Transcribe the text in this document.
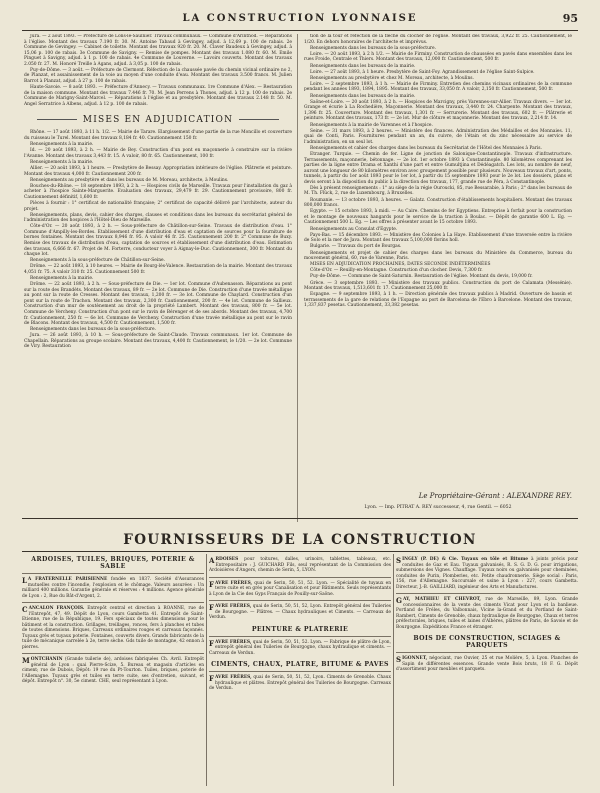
LA CONSTRUCTION LYONNAISE	95

Jura. — 2 août 1893. — Préfecture de Lons-le-Saulnier. Travaux communaux. — Commune d'Arinthod. — Réparations à l'église. Montant des travaux 7.190 fr. 30. M. Antoine Tabaud à Gevingey, adjud. à 12,69 p. 100 de rabais. 2e Commune de Gevingey. — Cabinet de toilette. Montant des travaux 920 fr. 20. M. Claver Baudeux à Gevingey, adjud. à 15,06 p. 100 de rabais. 3e Commune de Savigny. — Remise de pompes. Montant des travaux 1.080 fr. 60. M. Emile Pinguet à Savigny, adjud. à 1 p. 100 de rabais. 4e Commune de Louverne. — Lavoirs couverts. Montant des travaux 2.050 fr. 27. M. Honoré Treille à Agans, adjud. à 3,05 p. 100 de rabais.

Puy-de-Dôme. — 3 août. — Préfecture de Clermont. Réfection de la chaussée pavée du chemin vicinal ordinaire no 2, de Planzat, et assainissement de la voie au moyen d'une conduite d'eau. Montant des travaux 3.500 francs. M. Julien Barrot à Planzat, adjud. à 27 p. 100 de rabais.

Haute-Savoie. — 8 août 1893. — Préfecture d'Annecy. — Travaux communaux. 1re Commune d'Alex. — Restauration de la maison commune. Montant des travaux 7.446 fr. 70. M. Jean Perrens à Thones, adjud. à 12 p. 100 de rabais. 2e Commune de Marigny-Saint-Marcel. — Réparations à l'église et au presbytère. Montant des travaux 2.148 fr. 50. M. Angel Serratrice à Albens, adjud. à 12 p. 100 de rabais.

MISES EN ADJUDICATION

Rhône. — 17 août 1893, à 11 h. 1/2. — Mairie de Tarare. Elargissement d'une partie de la rue Moncillo et couverture du ruisseau le Turel. Montant des travaux 8,184 fr. 40. Cautionnement 150 fr.

Renseignements à la mairie.

Id. — 20 août 1893, à 2 h. — Mairie de Bey. Construction d'un pont en maçonnerie à construire sur la rivière l'Avanne. Montant des travaux 3,443 fr. 15. A valoir, 80 fr. 65. Cautionnement, 100 fr.

Renseignements à la mairie.

Allier. — 20 août 1893, à 1 heure. — Presbytère de Bessay. Appropriation intérieure de l'église. Plâtrerie et peinture. Montant des travaux 4,000 fr. Cautionnement 200 fr.

Renseignements au presbytère et dans les bureaux de M. Moreau, architecte, à Moulins.

Bouches-du-Rhône. — 18 septembre 1893, à 2 h. — Hospices civils de Marseille. Travaux pour l'installation du gaz à acheter à l'hospice Sainte-Marguerite. Evaluation des travaux, 29,479 fr. 29. Cautionnement provisoire, 800 fr. Cautionnement définitif, 1,600 fr.

Pièces à fournir : 1° certificat de nationalité française; 2° certificat de capacité délivré par l'architecte, auteur du projet.

Renseignements, plans, devis, cahier des charges, clauses et conditions dans les bureaux du secrétariat général de l'administration des hospices à l'Hôtel-Dieu de Marseille.

Côte-d'Or. — 20 août 1893, à 2 h. — Sous-préfecture de Châtillon-sur-Seine. Travaux de distribution d'eau. 1° Commune d'Ampilly-les-Bordes. Etablissement d'une distribution d'eau et captation de sources pour la fourniture de bornes fontaines. Montant des travaux 8,946 fr. 95. A valoir 46 fr. 25. Cautionnement 200 fr. 2° Commune de Buxy. Remise des travaux de distribution d'eau, captation de sources et établissement d'une distribution d'eau. Estimation des travaux, 6,666 fr. 67. Projet de M. Forterre, conducteur voyer à Aignay-le-Duc. Cautionnement, 300 fr. Montant du chaque lot.

Renseignements à la sous-préfecture de Châtillon-sur-Seine.

Drôme. — 22 août 1893, à 10 heures. — Mairie de Bourg-lès-Valence. Restauration de la mairie. Montant des travaux 4,051 fr. 75. A valoir 310 fr. 25. Cautionnement 500 fr.

Renseignements à la mairie.

Drôme. — 22 août 1893, à 2 h. — Sous-préfecture de Die. — 1er lot. Commune d'Aubenasson. Réparations au pont sur la route des Brandèts. Montant des travaux, 89 fr. — 2e lot. Commune de Die. Construction d'une travée métallique au pont sur la route de Cresses. Montant des travaux, 1,200 fr. — 3e lot. Commune de Chaylard. Construction d'un pont sur la route de Trachon. Montant des travaux, 2,300 fr. Cautionnement, 200 fr. — 4e lot. Commune de Sallieux. Construction d'un mur de soutènement au droit de la propriété Lambert. Montant des travaux, 800 fr. — 5e lot. Commune de Vercheny. Construction d'un pont sur le ravin de Bérenger et de ses abords. Montant des travaux, 4,700 fr. Cautionnement, 250 fr. — 6e lot. Commune de Vercheny. Construction d'une travée métallique au pont sur le ravin de Blacons. Montant des travaux, 4,500 fr. Cautionnement, 1,500 fr.

Renseignements dans les bureaux de la sous-préfecture.

Jura. — 26 août 1893, à 10 h. — Sous-préfecture de Saint-Claude. Travaux communaux. 1er lot. Commune de Chapellain. Réparations au groupe scolaire. Montant des travaux, 4,400 fr. Cautionnement, le 1/20. — 2e lot. Commune de Viry. Restauration

tion de la tour et réfection de la flèche du clocher de l'église. Montant des travaux, 3,922 fr. 25. Cautionnement, le 1/20. En dehors honoraires de l'architecte et imprévus.

Renseignements dans les bureaux de la sous-préfecture.

Loire. — 20 août 1893, à 2 h 1/2. — Mairie de Firminy. Construction de chaussées en pavés dans ensembles dans les rues Froide, Centrale et Thiers. Montant des travaux, 12,000 fr. Cautionnement, 500 fr.

Renseignements dans les bureaux de la mairie.

Loire. — 27 août 1893, à 1 heure. Presbytère de Saint-Foy. Agrandissement de l'église Saint-Sulpice.

Renseignements au presbytère et chez M. Moreau, architecte, à Moulins.

Loire. — 2 septembre 1893, à 1 h. — Mairie de Firminy. Entretien des chemins vicinaux ordinaires de la commune pendant les années 1893, 1894, 1895. Montant des travaux, 33,050 fr. A valoir, 2,150 fr. Cautionnement, 500 fr.

Renseignements dans les bureaux de la mairie.

Saône-et-Loire. — 20 août 1893, à 2 h. — Hospices de Marcigny, près Varennes-sur-Allier. Travaux divers. — 1er lot. Grange et écurie à La Rochedière, Maçonnerie. Montant des travaux, 3,440 fr. 24. Charpente. Montant des travaux, 1,396 fr. 25. Couverture. Montant des travaux, 1,301 fr. — Serrurerie. Montant des travaux, 602 fr. — Plâtrerie et peinture. Montant des travaux, 173 fr. — 2e lot. Mur de clôture et maçonnerie. Montant des travaux, 2,214 fr. 14.

Renseignements à la mairie de Varennes et à l'hospice.

Seine. — 31 mars 1893, à 2 heures. — Ministère des finances. Administration des Médailles et des Monnaies. 11, quai de Conti, Paris. Fournitures pendant un an, du cuivre, de l'étain et du zinc nécessaire au service de l'administration, en un seul lot.

Renseignements et cahier des charges dans les bureaux du Secrétariat de l'Hôtel des Monnaies à Paris.

Etranger. Turquie. — Chemin de fer. Ligne de jonction de Salonique-Constantinople. Travaux d'infrastructure. Terrassements, maçonnerie, bétonnage. — 2e lot. 1er octobre 1893 à Constantinople. 80 kilomètres comprenant les parties de la ligne entre Drama et Xanthi d'une part et entre Gumultjina et Dédéagatch. Les lots, au nombre de neuf, auront une longueur de 80 kilomètres environ avec groupement possible pour plusieurs. Nouveaux travaux d'art, ponts, tunnels, à partir du 1er août 1893 pour le 1er lot, à partir du 15 septembre 1893 pour le 2e lot. Les dossiers, plans et devis seront à la disposition du public à la direction des travaux, 177, grande rue de Péra, à Constantinople.

Dès à présent renseignements : 1° au siège de la régie Ouroucki, 85, rue Bessarabie, à Paris ; 2° dans les bureaux de M. Th. Flück, 2, rue de Luxembourg, à Bruxelles.

Roumanie. — 13 octobre 1893, à heures. — Galatz. Construction d'établissements hospitaliers. Montant des travaux 800,000 francs.

Egypte. — 15 octobre 1893, à midi. — Au Caire. Chemins de fer Egyptiens. Entreprise à forfait pour la construction et le montage de nouveaux hangards pour le service de la traction à Boulac. — Dépôt de garantie 600 L. Eg. — Cautionnement 500 L. Eg. — Les offres à présenter avant le 15 octobre 1893.

Renseignements au Consulat d'Egypte.

Pays-Bas. — 15 décembre 1893. — Ministère des Colonies à La Haye. Etablissement d'une traversée entre la rivière de Solo et la mer de Java. Montant des travaux 5,100,000 florins holl.

Bulgarie. — Travaux du port de Bourgas.

Renseignements et projet de cahier des charges dans les bureaux du Ministère du Commerce, bureau du mouvement général, 60, rue de Varenne, Paris.

MISES EN ADJUDICATION PROCHAINES, DATES SECONDE INDÉTERMINÉES

Côte-d'Or. — Reuilly-en-Montagne. Construction d'un clocher. Devis, 7,300 fr.

Puy-de-Dôme. — Commune de Saint-Saturnin. Restauration de l'église. Montant du devis, 19,000 fr.

Grèce. — 3 septembre 1893. — Ministère des travaux publics. Construction du port de Calamata (Messénie). Montant des travaux, 1,513,601 fr. 17. Cautionnement 25,000 fr.

Espagne. — 9 septembre 1893, à 1 h. — Direction générale des travaux publics à Madrid. Ouverture de bassin et terrassements de la gare de relations de l'Espagne au port de Barcelona de l'Ebro à Barcelone. Montant des travaux, 1,337,837 pesetas. Cautionnement, 33,382 pesetas.

Le Propriétaire-Gérant : ALEXANDRE REY.
Lyon. — Imp. PITRAT A. REY successeur, 4, rue Gentil. — 6052
FOURNISSEURS DE LA CONSTRUCTION
ARDOISES, TUILES, BRIQUES, POTERIE & SABLE
L A FRATERNELLE PARISIENNE fondée en 1837. Société d'Assurances mutuelles contre l'incendie, l'explosion et le chômage. Valeurs assurées : Un milliard 400 millions. Garantie générale et réserves : 4 millions. Agence générale de Lyon : 2, Rue du Bât-d'Argent, 2.
CANCALON FRANÇOIS. Entrepôt central et direction à ROANNE, rue de l'Entrepôt, 47, 49. Dépôt de Lyon, cours Gambetta 41. Entrepôt de Saint-Etienne, rue de la République, 19. Fers spéciaux de toutes dimensions pour le bâtiment et la construction. Grillages, treillages, ronces, fers à planches et tubes de toutes dimensions. Briques, Carreaux ordinaires rouges et carreaux façonnés. Tuyaux grès et tuyaux poterie. Fontaines, couverts divers. Grands fabricants de la tuile de mécanique carrelée à 2e, terre sèche. Gds tuile de montagne, 42 ennon à pierres.
MONTCHANIN (Grande tuilerie de), ardoises fabriquées Ch. Avril. Entrepôt général de Lyon : quai Pierre-Scize, 5. Bureau et magasin d'articles en ciment; rue de Dubois, Dépôt: 19 rue du Pt-Tourton. Tuiles, briques, poterie de l'Allemagne. Tuyaux grès et tuiles en terre cuite, ses d'entretien, suivant, et dépôt. Entrepôt n°. 30, 5e ciment. CHE, seul représentant à Lyon.
ARDOISES pour toitures, dalles, urinoirs, tablettes, tableaux, etc. Entrepositaire : J. GUICHARD Fils, seul représentant de la Commission des Ardoisières d'Angers, chemin de Serin, 5, LYON.
FAVRE FRÈRES, quai de Serin, 50, 51, 52. Lyon. — Spécialité de tuyaux en terre cuite et en grès pour Canalisation et pour Bâtiments. Seuls représentants à Lyon de la Cie des Gyps Français de Pouilly-sur-Saône.
FAVRE FRÈRES, quai de Serin, 50, 51, 52, Lyon. Entrepôt général des Tuileries de Bourgogne. — Plâtres. — Chaux hydrauliques et Ciments. — Carreaux de Verdun.
PEINTURE & PLATRERIE
FAVRE FRÈRES, quai de Serin, 50, 51, 52. Lyon. — Fabrique de plâtre de Lyon, entrepôt général des Tuileries de Bourgogne, chaux hydraulique et ciments. — Carreaux de Verdun.
CIMENTS, CHAUX, PLATRE, BITUME & PAVES
FAVRE FRÈRES, quai de Serin, 50, 51, 52, Lyon. Ciments de Grenoble. Chaux hydraulique et plâtres. Entrepôt général des Tuileries de Bourgogne. Carreaux de Verdun.
SINGLY (P. DE) & Cie. Tuyaux en tôle et Bitume à joints précis pour conduites de Gaz et Eau. Tuyaux galvanisés, R. S. G. D. G. pour irrigations, submersions des Vignes. Chauffage. Tuyaux noirs ou galvanisés pour cheminées, conduites de Purin, Plomberies, etc. Petite chaudronnerie. Siège social : Paris, 156, rue d'Allemagne. Succursale et usine à Lyon : 227, cours Gambetta. Directeur, J.-B. GAILLIARD, ingénieur des Arts et Manufactures.
GAY, MATHIEU ET CHEVROT, rue de Marseille, 89, Lyon. Grande concessionnaires de la vente des ciments Vicat pour Lyon et la banlieue. Portland de Fréles, du Valbonnais, Vicine la-Grand et du Portland de Saint-Rambert, Ciments de Grenoble, chaux hydraulique de Bourgogne, Chaux et terres préfectorales, briques, tuiles et laines d'Albères, plâtres de Paris, de Savoie et de Bourgogne. Expéditions France et étranger.
BOIS DE CONSTRUCTION, SCIAGES & PARQUETS
SIGONNET, négociant, rue Ouvier, 25 et rue Molière, 5, à Lyon. Planches de Sapin de différentes essences. Grande vente Bois bruts, 18 F. G. Dépôt d'assortiment pour meubles et parquets.
